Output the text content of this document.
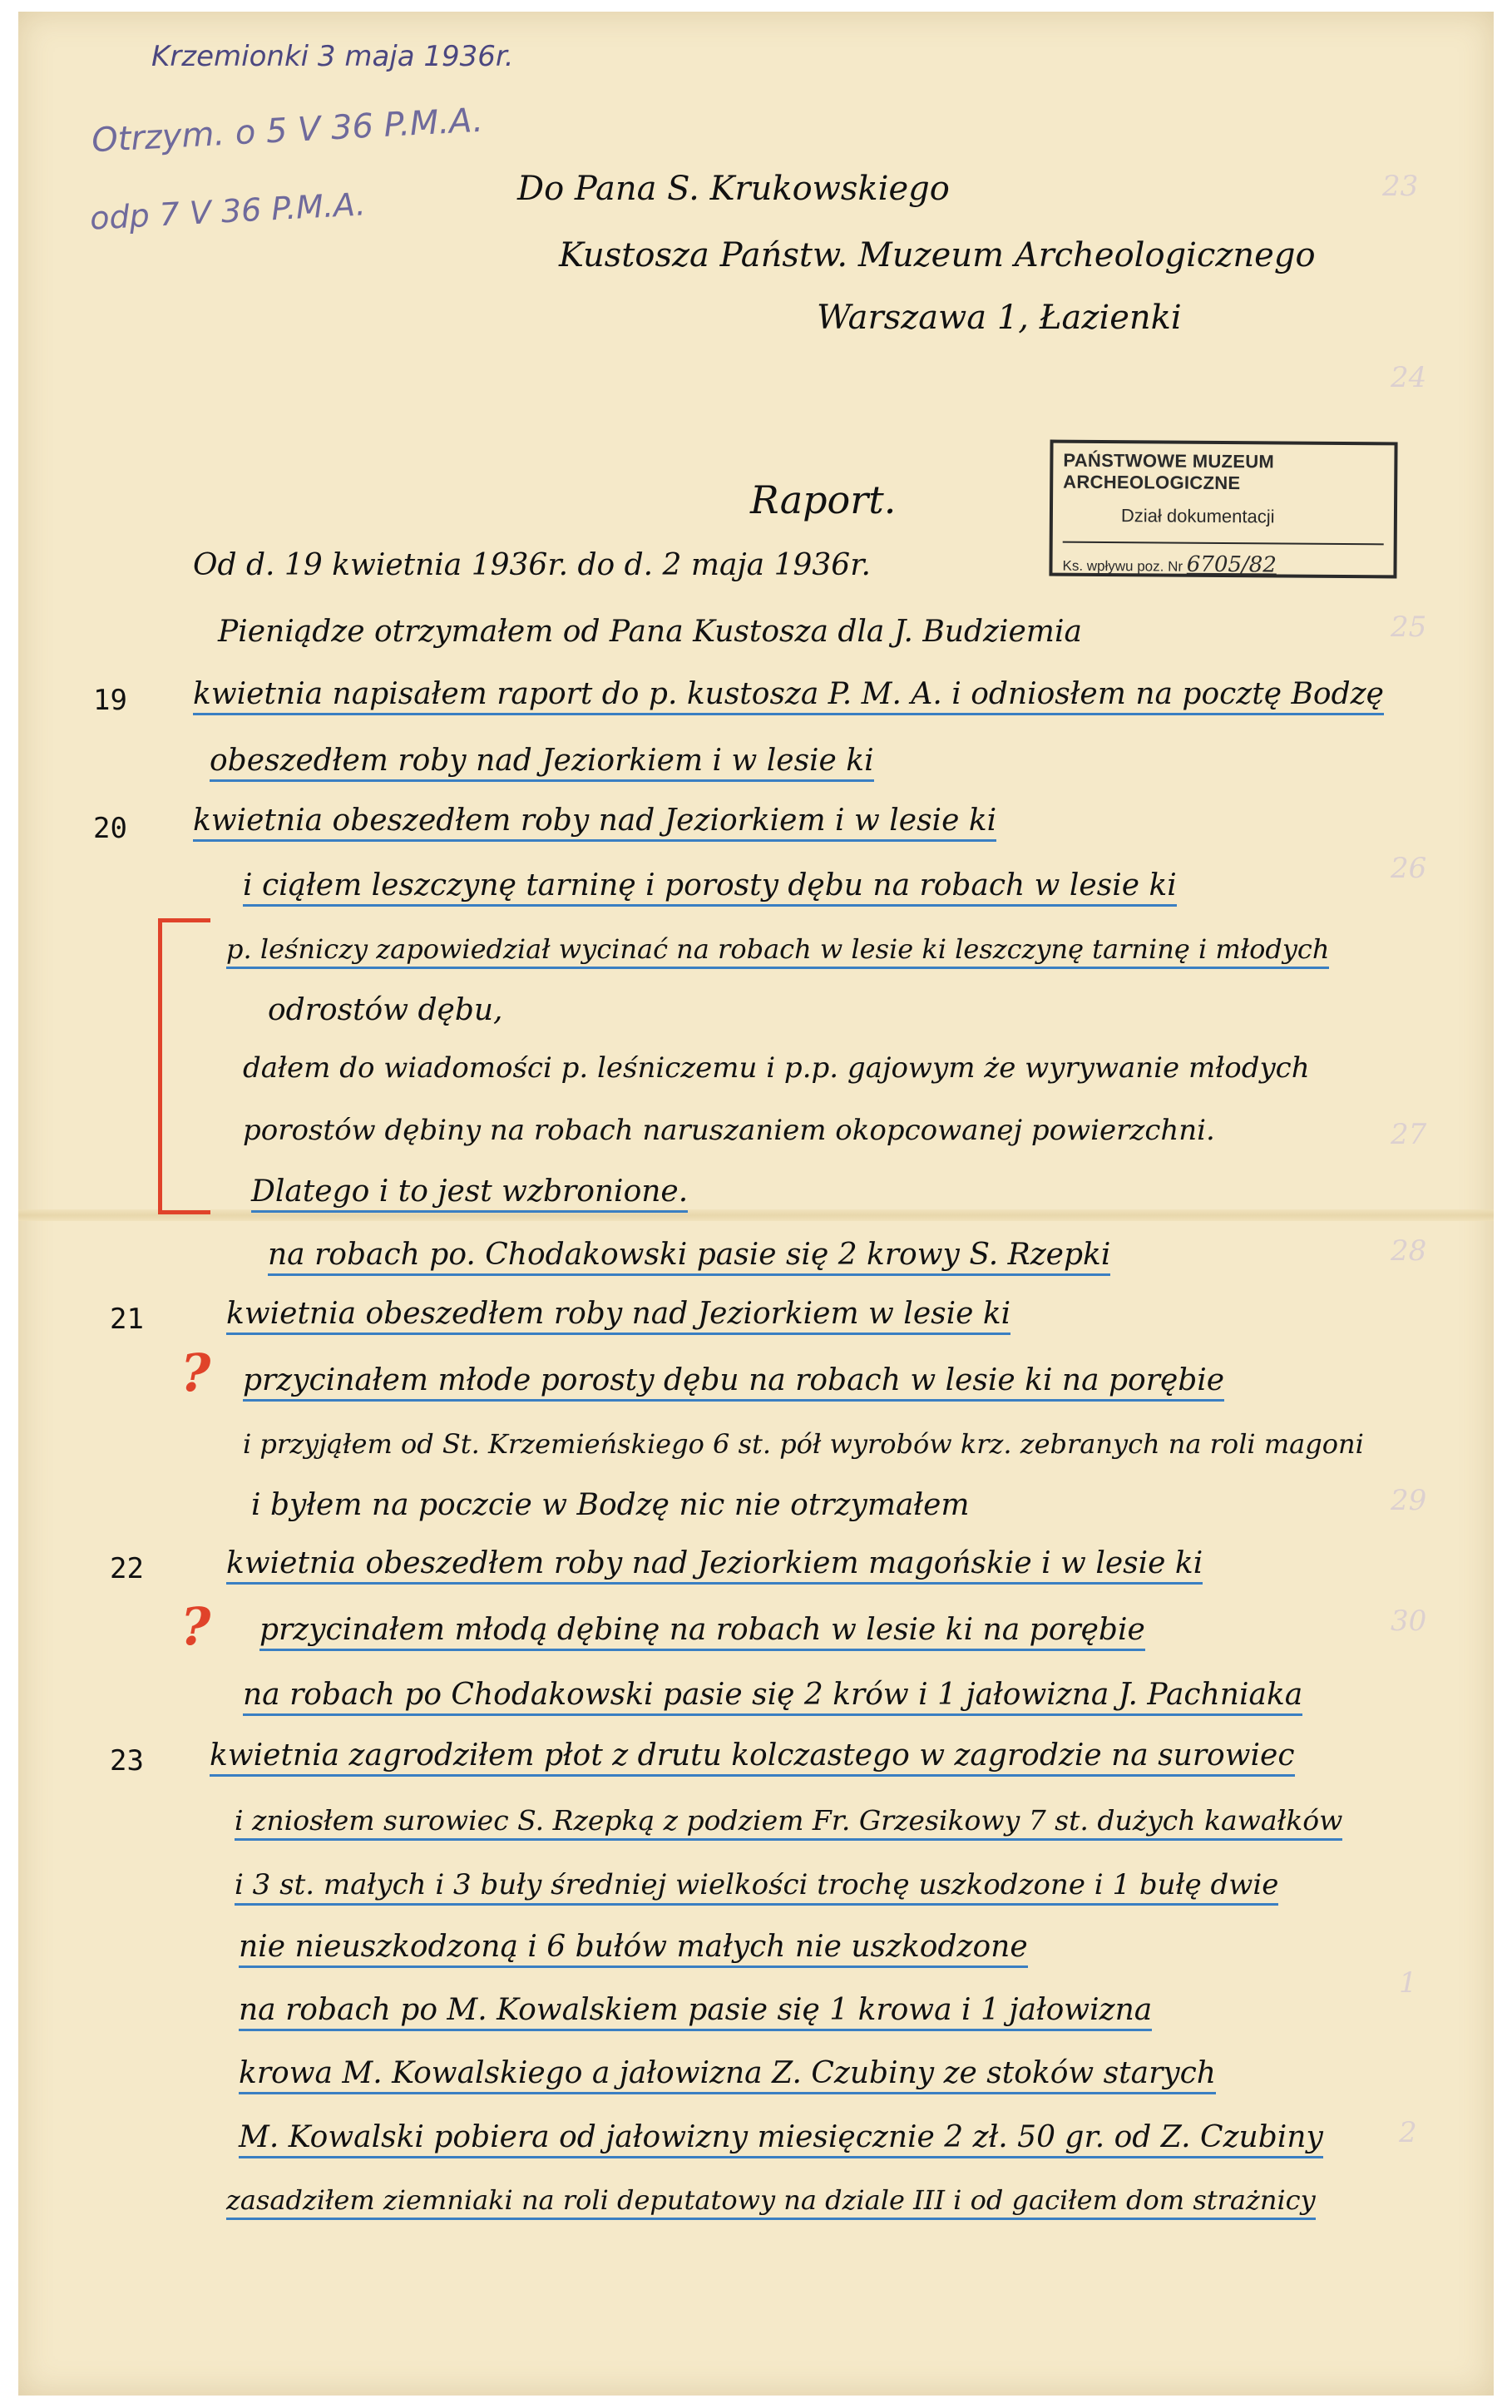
23
24
25
26
27
28
29
30
1
2
Krzemionki 3 maja 1936r.
Otrzym. o 5 V 36 P.M.A.
odp 7 V 36 P.M.A.	Do Pana S. Krukowskiego
Kustosza Państw. Muzeum Archeologicznego
Warszawa 1, Łazienki
PAŃSTWOWE MUZEUM ARCHEOLOGICZNE
Dział dokumentacji
Ks. wpływu poz. Nr 6705/82
Raport.
Od d. 19 kwietnia 1936r. do d. 2 maja 1936r.
Pieniądze otrzymałem od Pana Kustosza dla J. Budziemia
19 kwietnia napisałem raport do p. kustosza P. M. A. i odniosłem na pocztę Bodzę
obeszedłem roby nad Jeziorkiem i w lesie ki
20 kwietnia obeszedłem roby nad Jeziorkiem i w lesie ki
i ciąłem leszczynę tarninę i porosty dębu na robach w lesie ki
p. leśniczy zapowiedział wycinać na robach w lesie ki leszczynę tarninę i młodych
odrostów dębu,
dałem do wiadomości p. leśniczemu i p.p. gajowym że wyrywanie młodych
porostów dębiny na robach naruszaniem okopcowanej powierzchni.
Dlatego i to jest wzbronione.
na robach po. Chodakowski pasie się 2 krowy S. Rzepki
21	kwietnia obeszedłem roby nad Jeziorkiem w lesie ki
? przycinałem młode porosty dębu na robach w lesie ki na porębie
i przyjąłem od St. Krzemieńskiego 6 st. pół wyrobów krz. zebranych na roli magoni
i byłem na poczcie w Bodzę nic nie otrzymałem
22	kwietnia obeszedłem roby nad Jeziorkiem magońskie i w lesie ki
? przycinałem młodą dębinę na robach w lesie ki na porębie
na robach po Chodakowski pasie się 2 krów i 1 jałowizna J. Pachniaka
23 kwietnia zagrodziłem płot z drutu kolczastego w zagrodzie na surowiec
i zniosłem surowiec S. Rzepką z podziem Fr. Grzesikowy 7 st. dużych kawałków
i 3 st. małych i 3 buły średniej wielkości trochę uszkodzone i 1 bułę dwie
nie nieuszkodzoną i 6 bułów małych nie uszkodzone
na robach po M. Kowalskiem pasie się 1 krowa i 1 jałowizna
krowa M. Kowalskiego a jałowizna Z. Czubiny ze stoków starych
M. Kowalski pobiera od jałowizny miesięcznie 2 zł. 50 gr. od Z. Czubiny
zasadziłem ziemniaki na roli deputatowy na dziale III i od gaciłem dom strażnicy
